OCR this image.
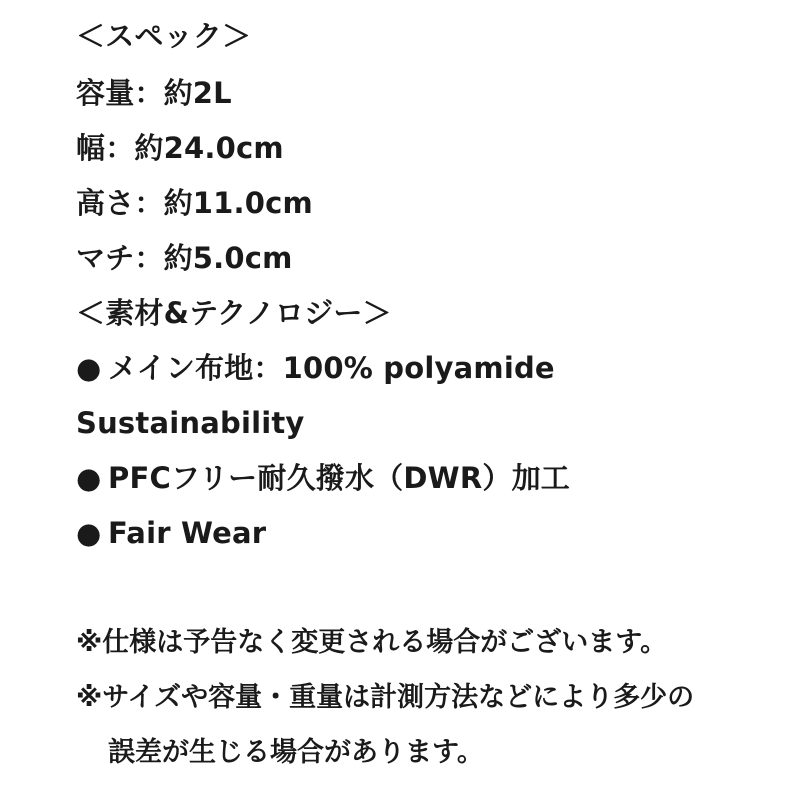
＜スペック＞
容量：約2L
幅：約24.0cm
高さ：約11.0cm
マチ：約5.0cm
＜素材&テクノロジー＞
● メイン布地：100% polyamide
Sustainability
● PFCフリー耐久撥水（DWR）加工
● Fair Wear
※仕様は予告なく変更される場合がございます。
※サイズや容量・重量は計測方法などにより多少の
誤差が生じる場合があります。
